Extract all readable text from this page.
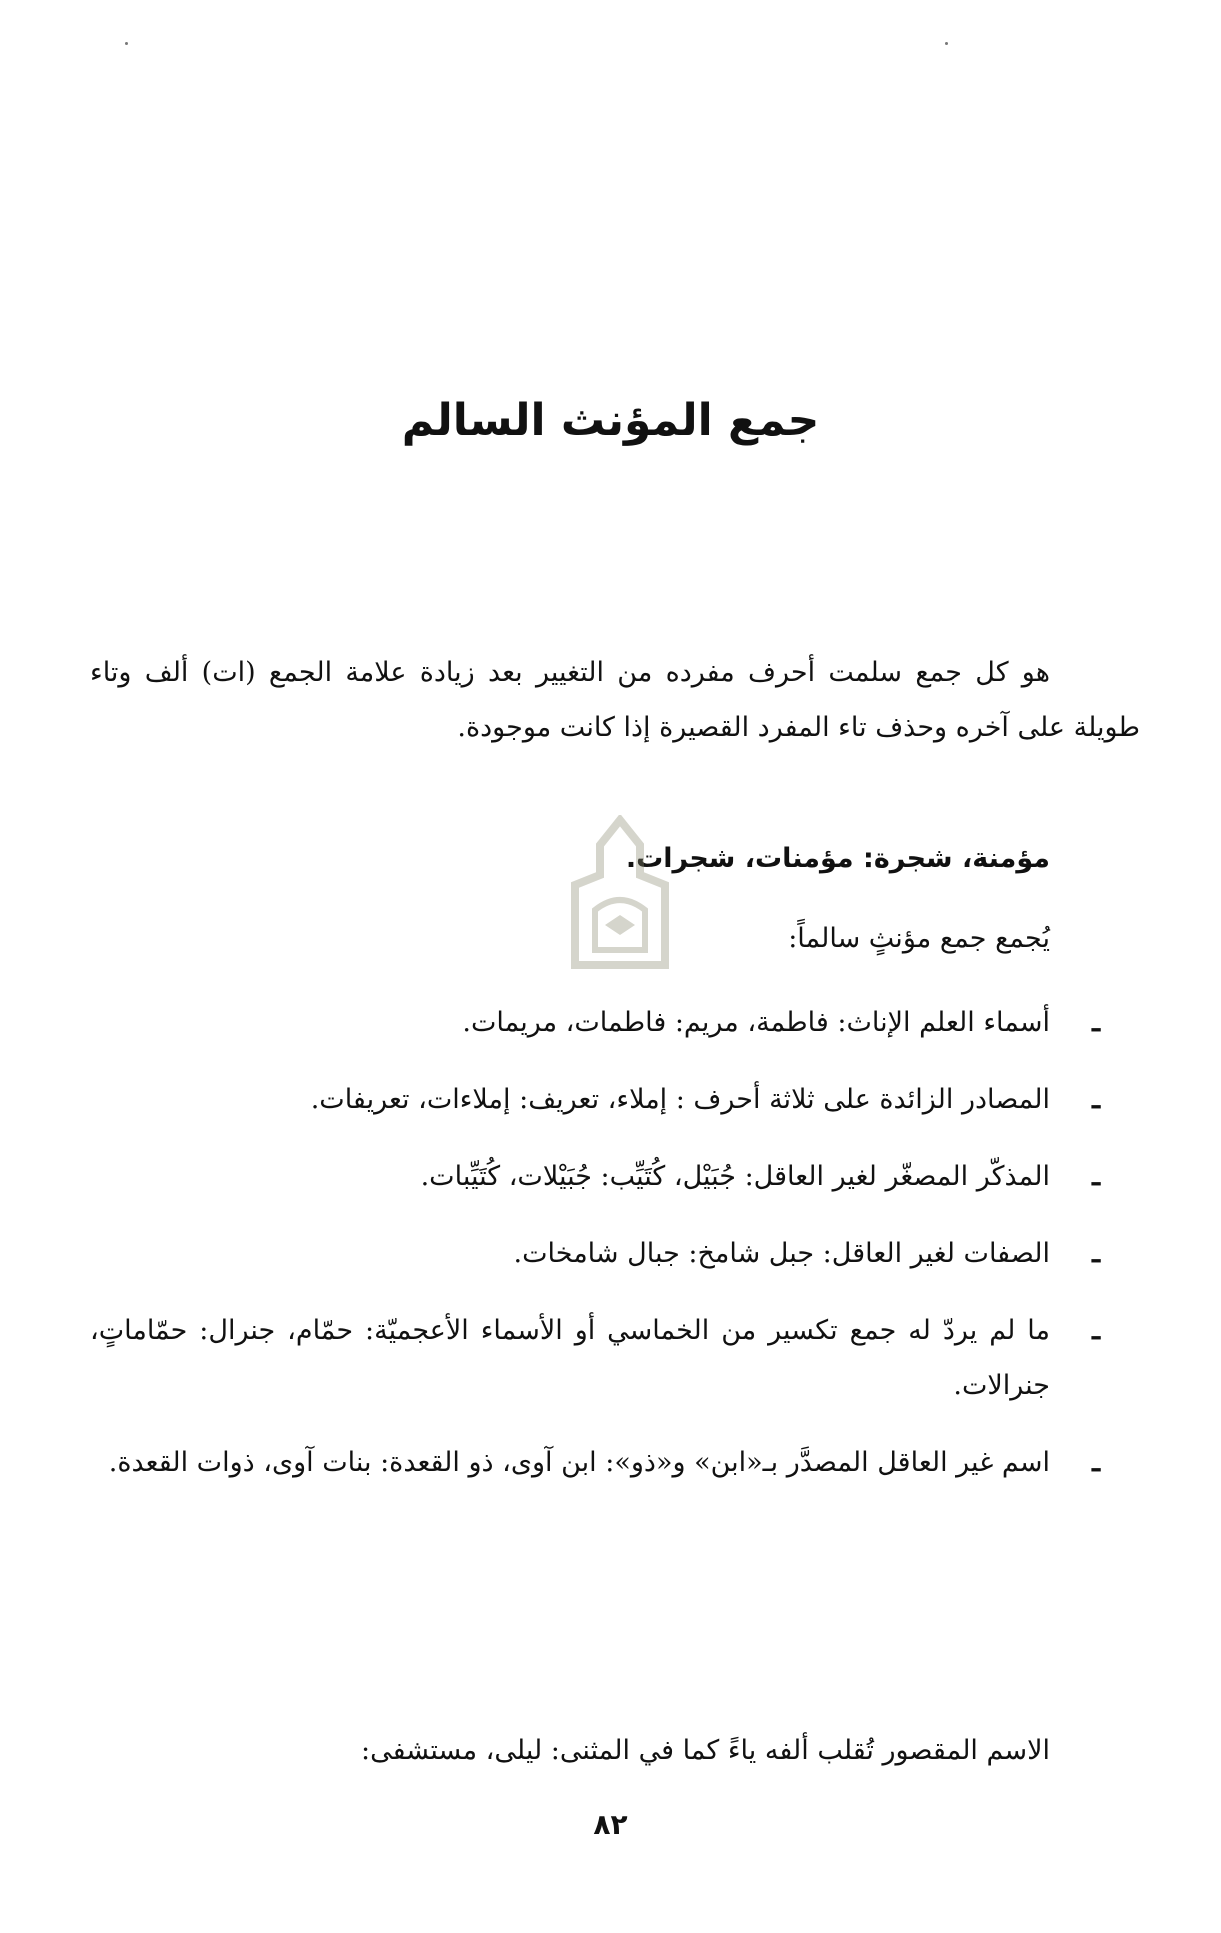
جمع المؤنث السالم
هو كل جمع سلمت أحرف مفرده من التغيير بعد زيادة علامة الجمع (ات) ألف وتاء طويلة على آخره وحذف تاء المفرد القصيرة إذا كانت موجودة.
مؤمنة، شجرة: مؤمنات، شجرات.
يُجمع جمع مؤنثٍ سالماً:
ـ
أسماء العلم الإناث: فاطمة، مريم: فاطمات، مريمات.
ـ
المصادر الزائدة على ثلاثة أحرف : إملاء، تعريف: إملاءات، تعريفات.
ـ
المذكّر المصغّر لغير العاقل: جُبَيْل، كُتَيِّب: جُبَيْلات، كُتَيِّبات.
ـ
الصفات لغير العاقل: جبل شامخ: جبال شامخات.
ـ
ما لم يردّ له جمع تكسير من الخماسي أو الأسماء الأعجميّة: حمّام، جنرال: حمّاماتٍ، جنرالات.
ـ
اسم غير العاقل المصدَّر بـ«ابن» و«ذو»: ابن آوى، ذو القعدة: بنات آوى، ذوات القعدة.
الاسم المقصور تُقلب ألفه ياءً كما في المثنى: ليلى، مستشفى:
٨٢
